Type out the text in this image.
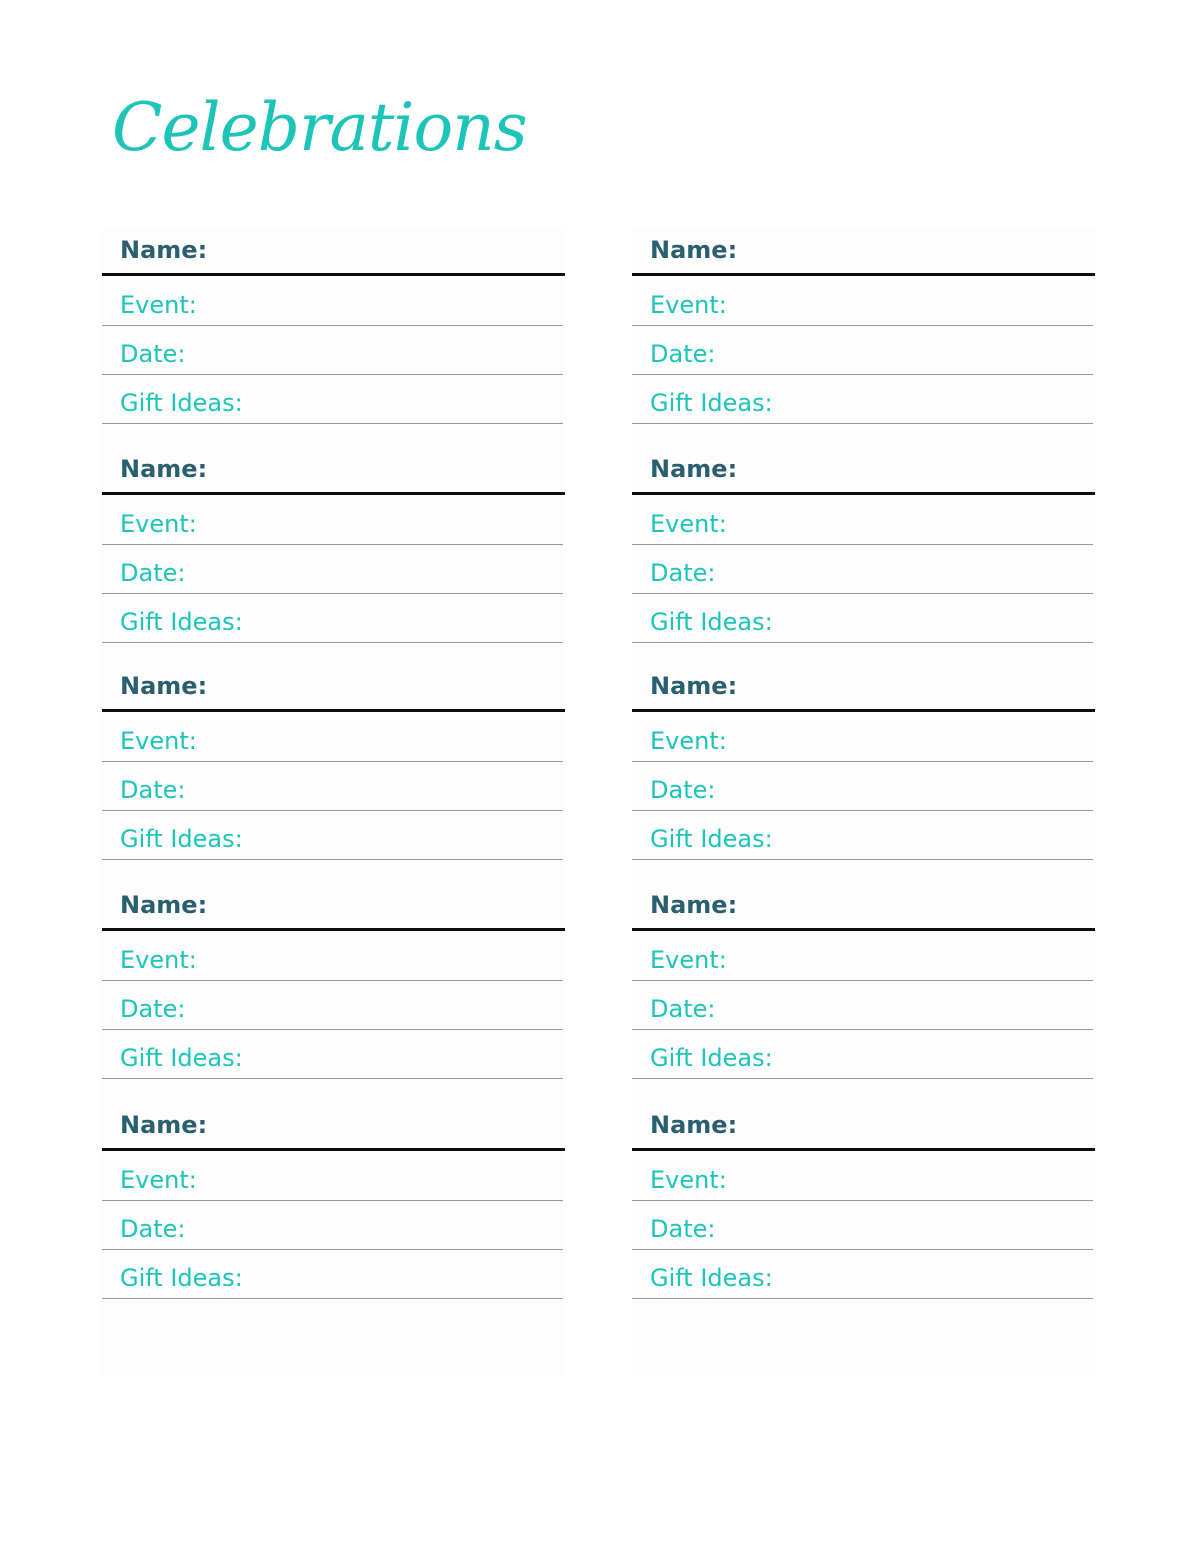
Celebrations
Name:
Event:
Date:
Gift Ideas:
Name:
Event:
Date:
Gift Ideas:
Name:
Event:
Date:
Gift Ideas:
Name:
Event:
Date:
Gift Ideas:
Name:
Event:
Date:
Gift Ideas:
Name:
Event:
Date:
Gift Ideas:
Name:
Event:
Date:
Gift Ideas:
Name:
Event:
Date:
Gift Ideas:
Name:
Event:
Date:
Gift Ideas:
Name:
Event:
Date:
Gift Ideas:
